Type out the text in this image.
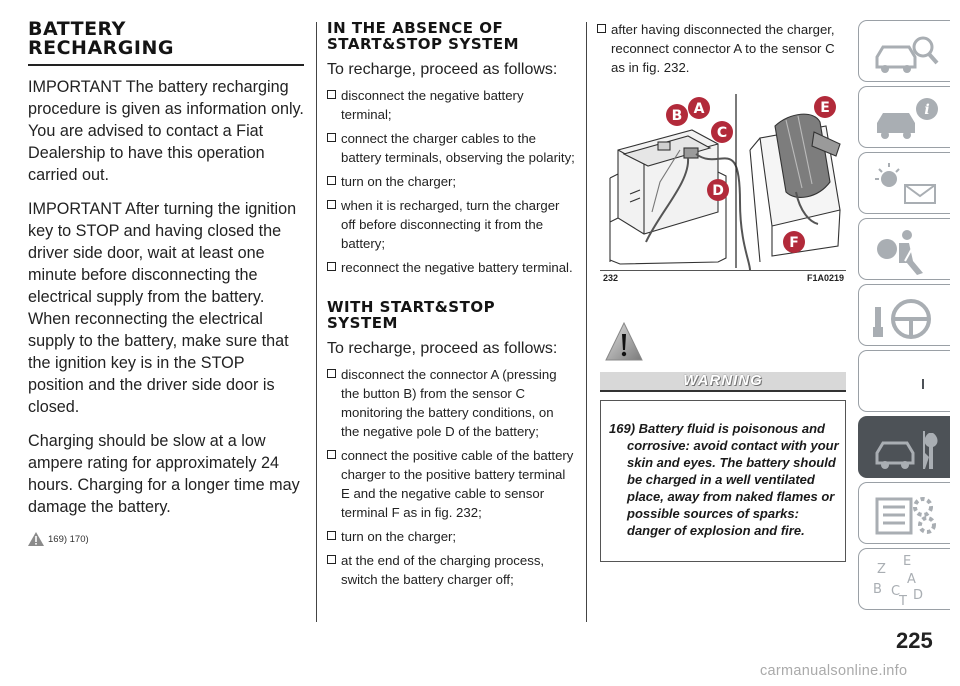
BATTERY
RECHARGING

IMPORTANT The battery recharging procedure is given as information only. You are advised to contact a Fiat Dealership to have this operation carried out.

IMPORTANT After turning the ignition key to STOP and having closed the driver side door, wait at least one minute before disconnecting the electrical supply from the battery. When reconnecting the electrical supply to the battery, make sure that the ignition key is in the STOP position and the driver side door is closed.

Charging should be slow at a low ampere rating for approximately 24 hours. Charging for a longer time may damage the battery.

169) 170)
IN THE ABSENCE OF
START&STOP SYSTEM

To recharge, proceed as follows:

disconnect the negative battery terminal;
connect the charger cables to the battery terminals, observing the polarity;
turn on the charger;
when it is recharged, turn the charger off before disconnecting it from the battery;
reconnect the negative battery terminal.
WITH START&STOP
SYSTEM

To recharge, proceed as follows:

disconnect the connector A (pressing the button B) from the sensor C monitoring the battery conditions, on the negative pole D of the battery;
connect the positive cable of the battery charger to the positive battery terminal E and the negative cable to sensor terminal F as in fig. 232;
turn on the charger;
at the end of the charging process, switch the battery charger off;
after having disconnected the charger, reconnect connector A to the sensor C as in fig. 232.
B A
C
D
E
F
232	F1A0219
WARNING

169) Battery fluid is poisonous and corrosive: avoid contact with your skin and eyes. The battery should be charged in a well ventilated place, away from naked flames or possible sources of sparks: danger of explosion and fire.

i
Z
E
B
A
C
T D
225
carmanualsonline.info
